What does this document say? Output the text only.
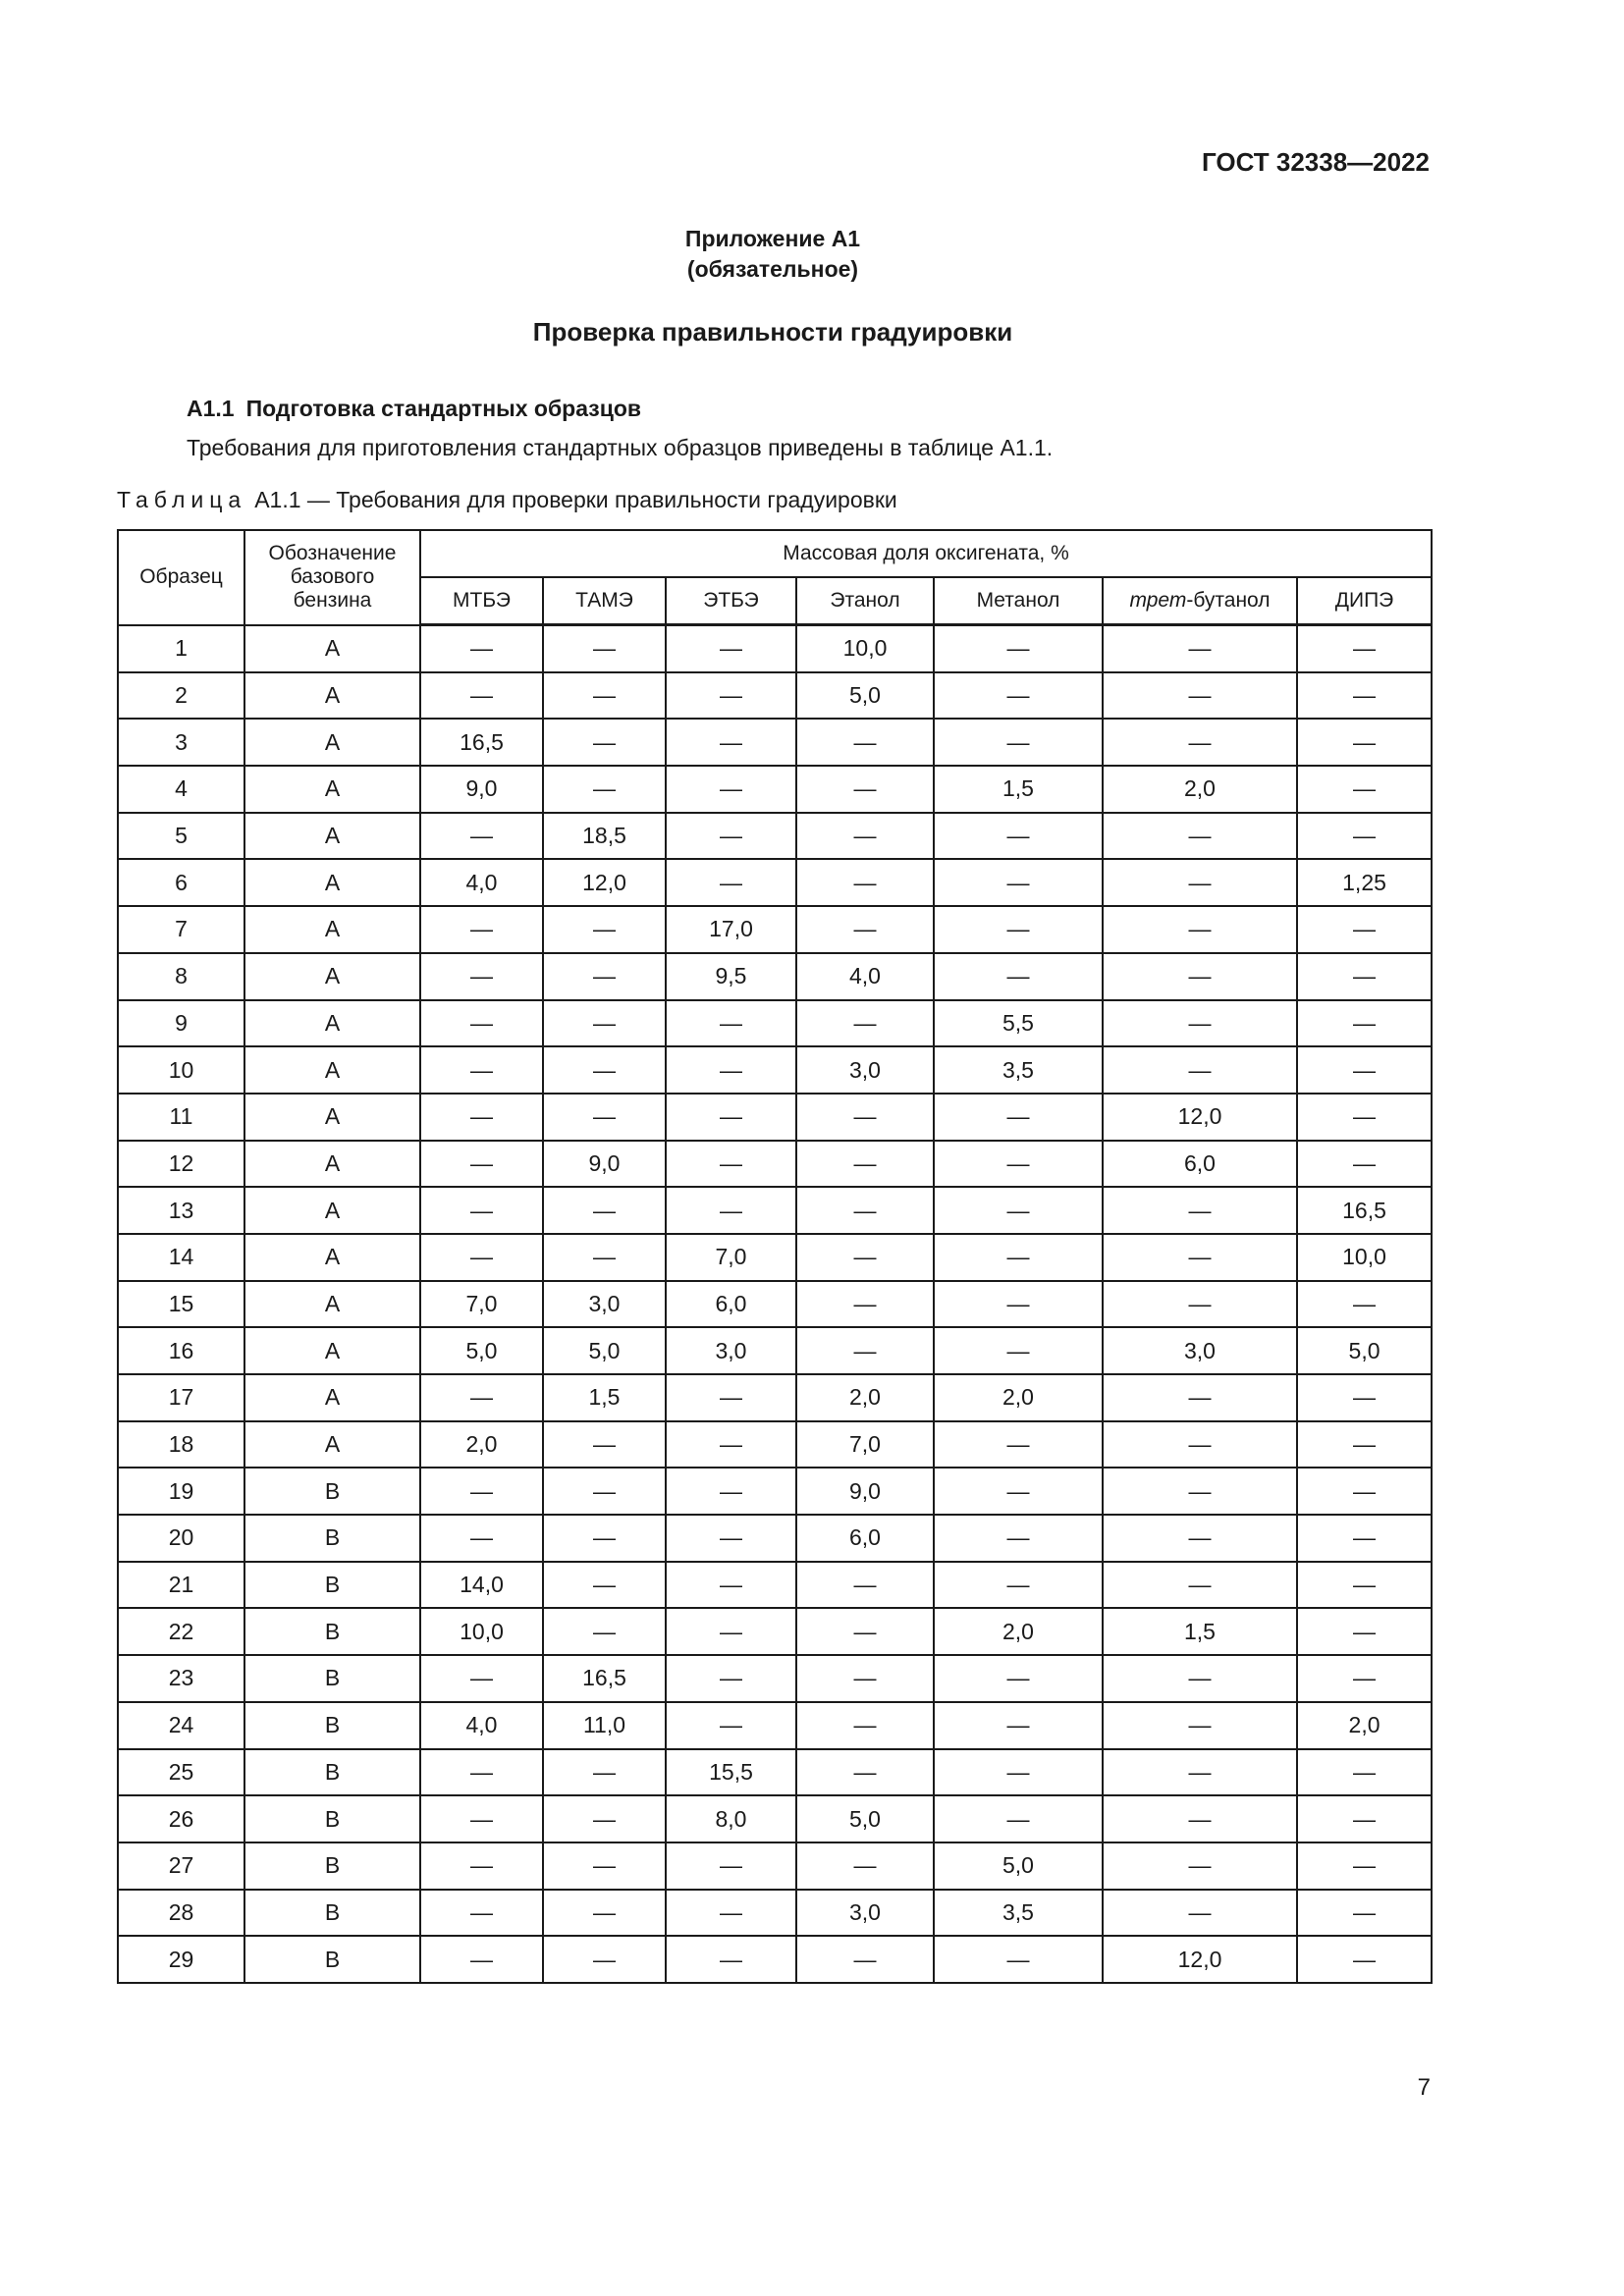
ГОСТ 32338—2022
Приложение А1
(обязательное)
Проверка правильности градуировки
А1.1 Подготовка стандартных образцов
Требования для приготовления стандартных образцов приведены в таблице А1.1.
Таблица А1.1 — Требования для проверки правильности градуировки
Образец	Обозначение базового бензина	Массовая доля оксигената, %						
		МТБЭ	ТАМЭ	ЭТБЭ	Этанол	Метанол	трет-бутанол	ДИПЭ
1	А	—	—	—	10,0	—	—	—
2	А	—	—	—	5,0	—	—	—
3	А	16,5	—	—	—	—	—	—
4	А	9,0	—	—	—	1,5	2,0	—
5	А	—	18,5	—	—	—	—	—
6	А	4,0	12,0	—	—	—	—	1,25
7	А	—	—	17,0	—	—	—	—
8	А	—	—	9,5	4,0	—	—	—
9	А	—	—	—	—	5,5	—	—
10	А	—	—	—	3,0	3,5	—	—
11	А	—	—	—	—	—	12,0	—
12	А	—	9,0	—	—	—	6,0	—
13	А	—	—	—	—	—	—	16,5
14	А	—	—	7,0	—	—	—	10,0
15	А	7,0	3,0	6,0	—	—	—	—
16	А	5,0	5,0	3,0	—	—	3,0	5,0
17	А	—	1,5	—	2,0	2,0	—	—
18	А	2,0	—	—	7,0	—	—	—
19	В	—	—	—	9,0	—	—	—
20	В	—	—	—	6,0	—	—	—
21	В	14,0	—	—	—	—	—	—
22	В	10,0	—	—	—	2,0	1,5	—
23	В	—	16,5	—	—	—	—	—
24	В	4,0	11,0	—	—	—	—	2,0
25	В	—	—	15,5	—	—	—	—
26	В	—	—	8,0	5,0	—	—	—
27	В	—	—	—	—	5,0	—	—
28	В	—	—	—	3,0	3,5	—	—
29	В	—	—	—	—	—	12,0	—
7
